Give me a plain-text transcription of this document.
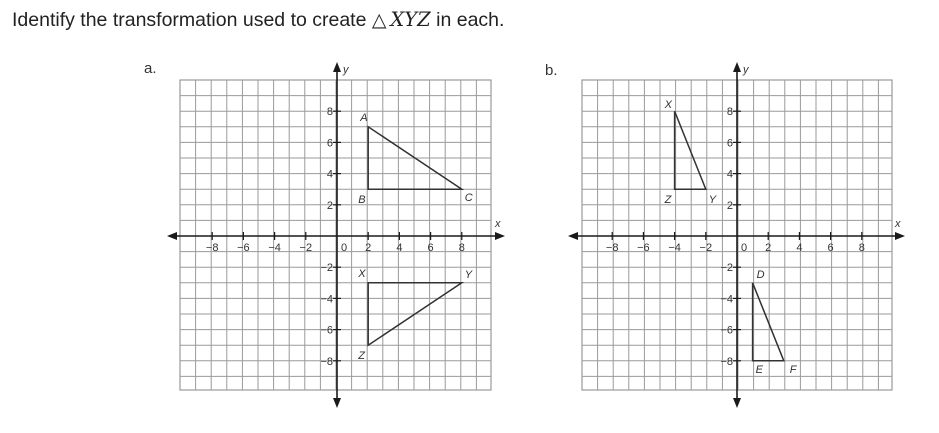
Identify the transformation used to create △  XYZ in each.
a.	b.
x
y
−8 −6 −4 −2	0 2 4 6 8
8
6
4
2
−2
−4
−6
−8
A
B	C
X	Y
Z
x
y
−8 −6 −4 −2	0 2 4 6 8
8
6
4
2
−2
−4
−6
−8
X
Y
Z
D
E F
